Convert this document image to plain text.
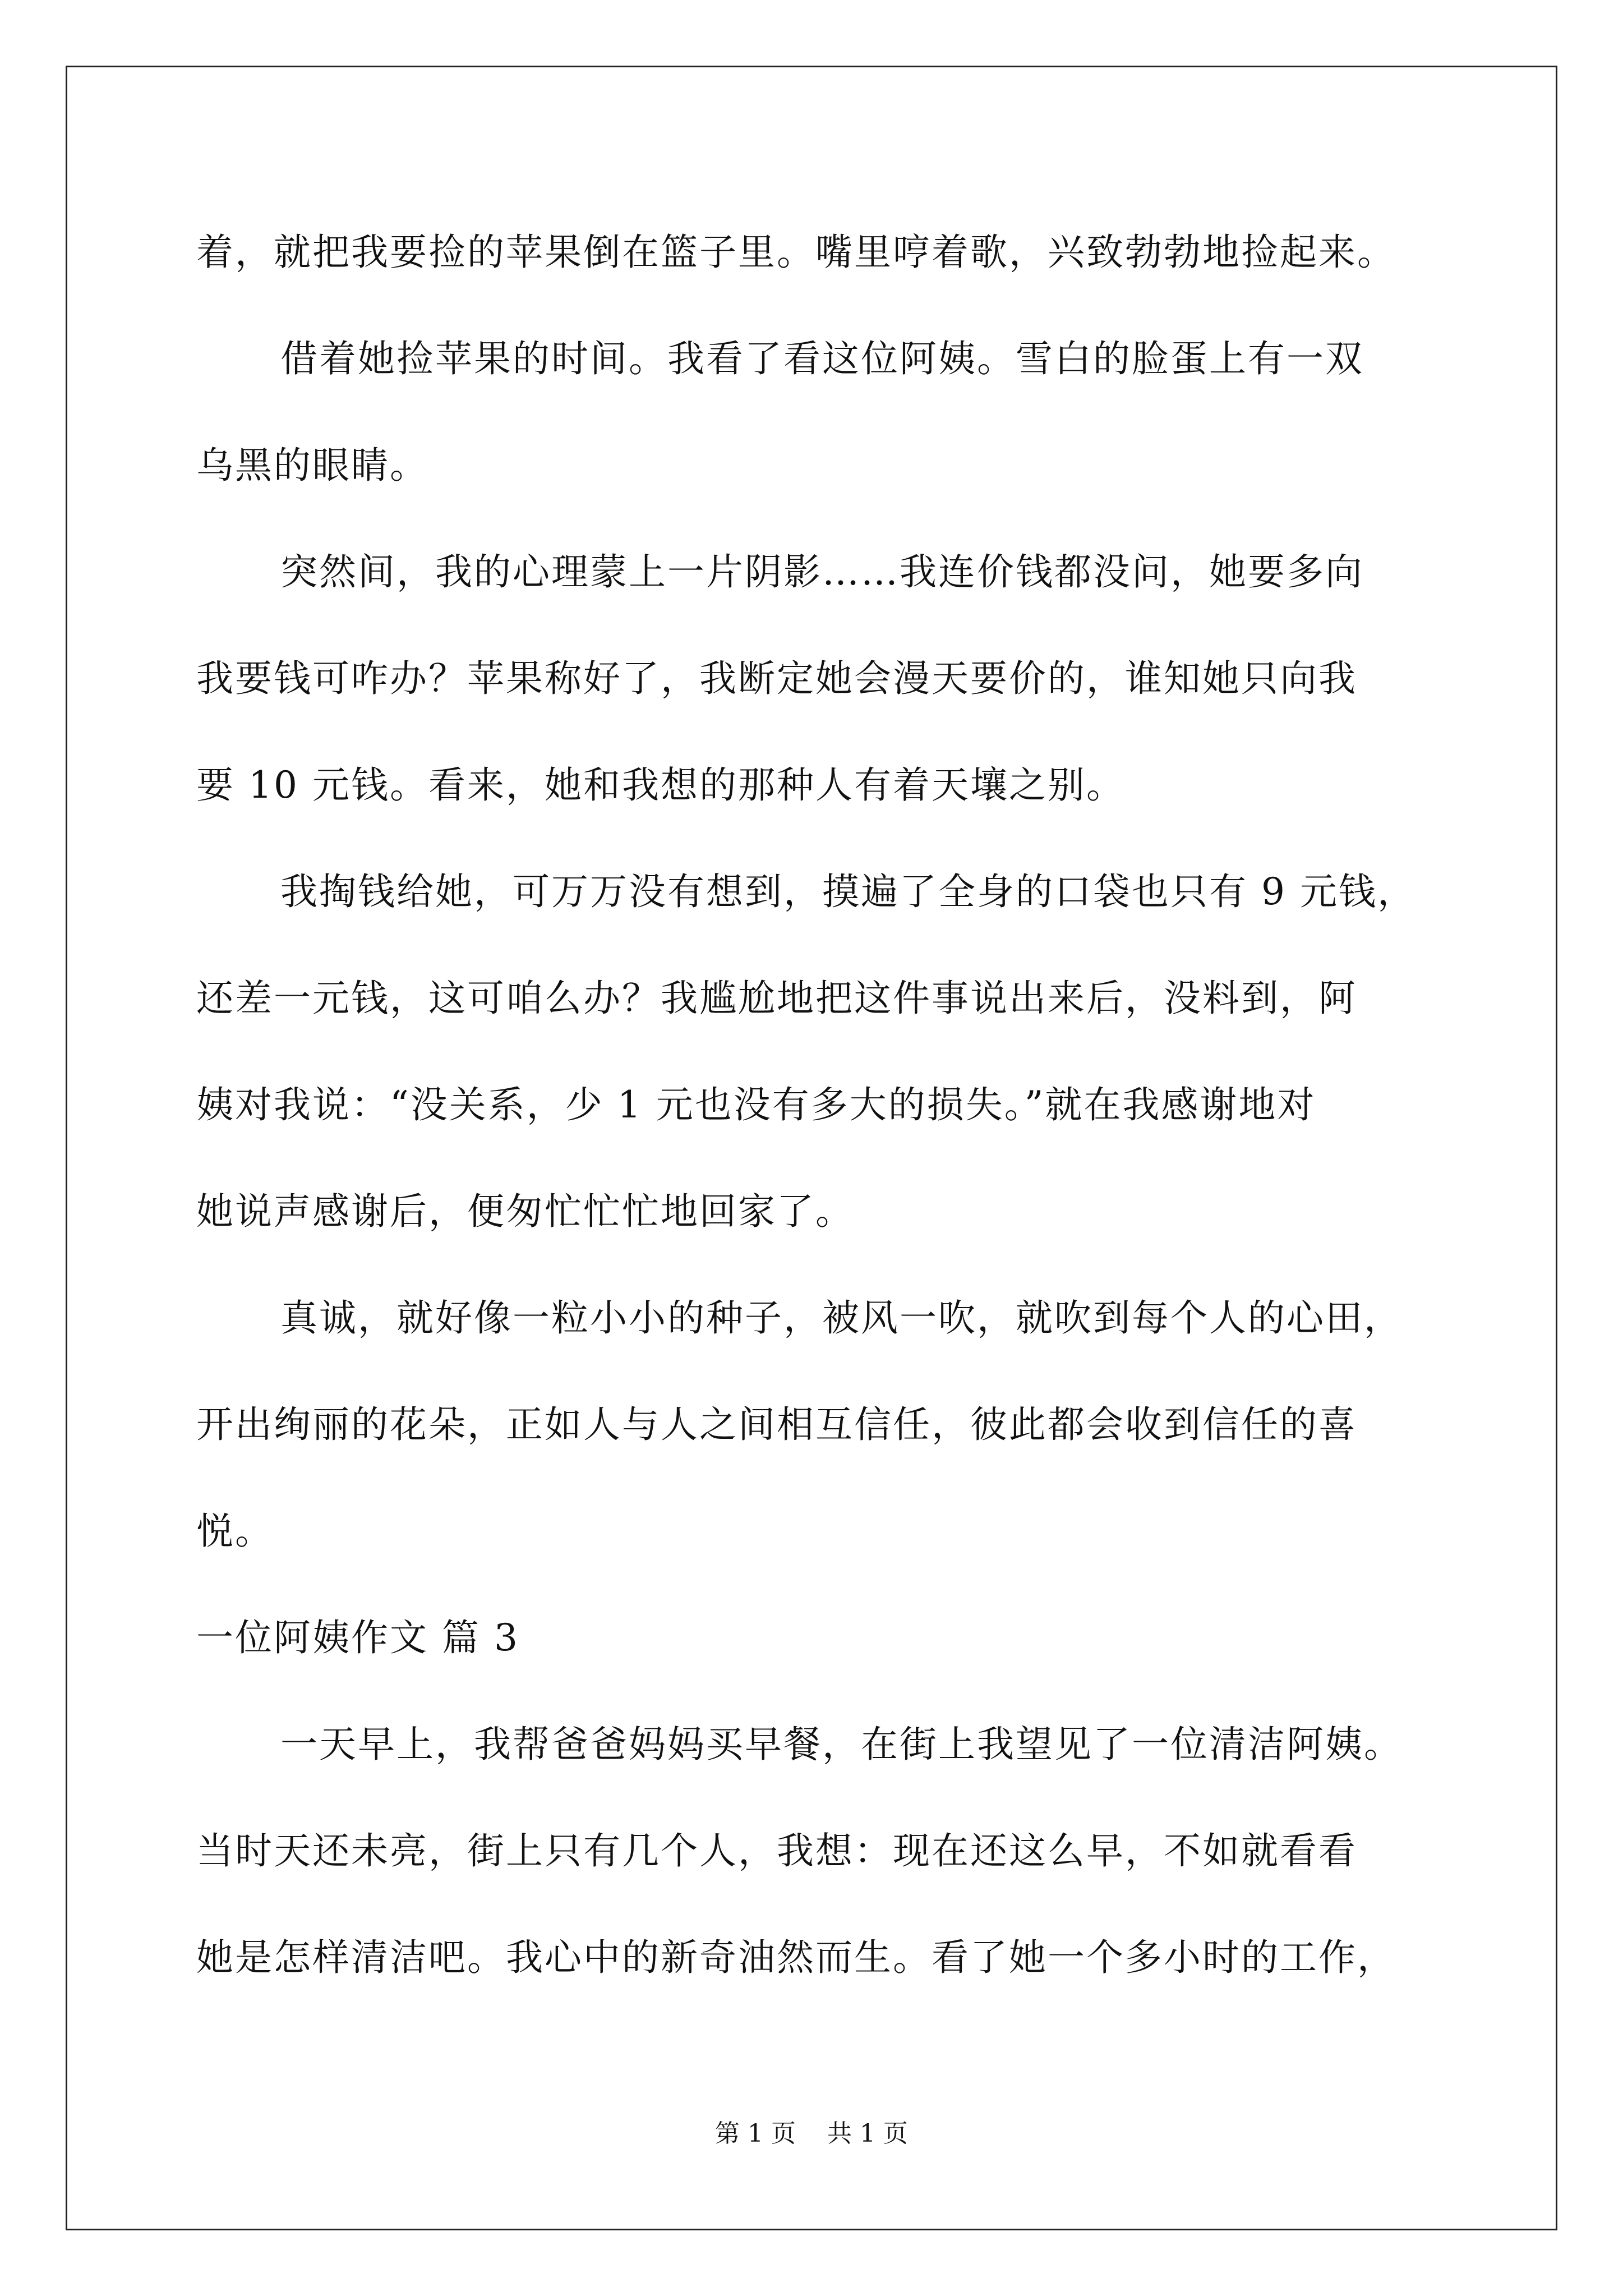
着，就把我要捡的苹果倒在篮子里。嘴里哼着歌，兴致勃勃地捡起来。
借着她捡苹果的时间。我看了看这位阿姨。雪白的脸蛋上有一双
乌黑的眼睛。
突然间，我的心理蒙上一片阴影……我连价钱都没问，她要多向
我要钱可咋办？苹果称好了，我断定她会漫天要价的，谁知她只向我
要 10 元钱。看来，她和我想的那种人有着天壤之别。
我掏钱给她，可万万没有想到，摸遍了全身的口袋也只有 9 元钱，
还差一元钱，这可咱么办？我尴尬地把这件事说出来后，没料到，阿
姨对我说：“没关系，少 1 元也没有多大的损失。”就在我感谢地对
她说声感谢后，便匆忙忙忙地回家了。
真诚，就好像一粒小小的种子，被风一吹，就吹到每个人的心田，
开出绚丽的花朵，正如人与人之间相互信任，彼此都会收到信任的喜
悦。
一位阿姨作文 篇 3
一天早上，我帮爸爸妈妈买早餐，在街上我望见了一位清洁阿姨。
当时天还未亮，街上只有几个人，我想：现在还这么早，不如就看看
她是怎样清洁吧。我心中的新奇油然而生。看了她一个多小时的工作，
第 1 页    共 1 页
